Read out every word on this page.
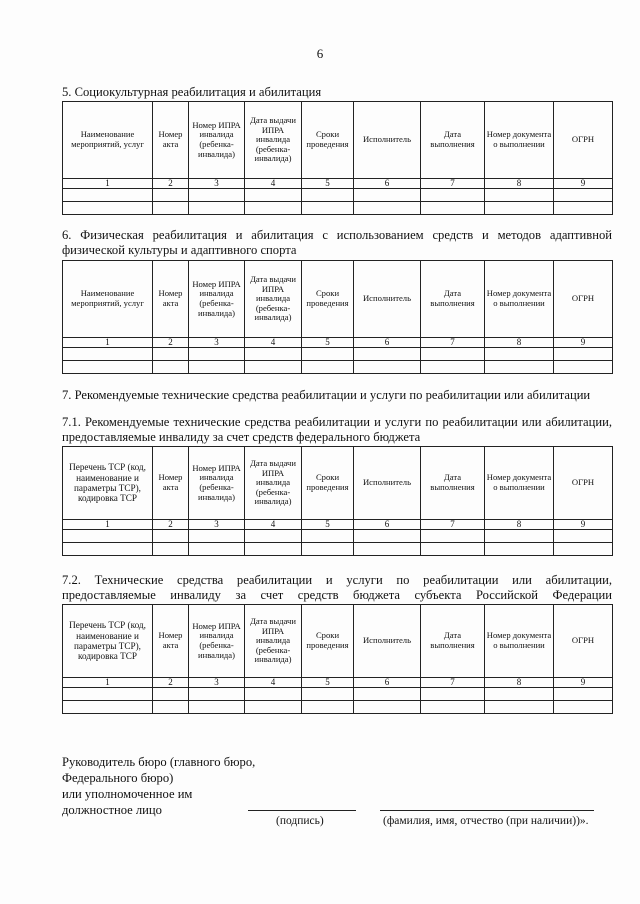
6
5. Социокультурная реабилитация и абилитация
Наименование мероприятий, услуг	Номер акта	Номер ИПРА инвалида (ребенка-инвалида)	Дата выдачи ИПРА инвалида (ребенка-инвалида)	Сроки проведения	Исполнитель	Дата выполнения	Номер документа о выполнении	ОГРН
1	2	3	4	5	6	7	8	9

6. Физическая реабилитация и абилитация с использованием средств и методов адаптивной физической культуры и адаптивного спорта
Наименование мероприятий, услуг	Номер акта	Номер ИПРА инвалида (ребенка-инвалида)	Дата выдачи ИПРА инвалида (ребенка-инвалида)	Сроки проведения	Исполнитель	Дата выполнения	Номер документа о выполнении	ОГРН
1	2	3	4	5	6	7	8	9

7. Рекомендуемые технические средства реабилитации и услуги по реабилитации или абилитации
7.1. Рекомендуемые технические средства реабилитации и услуги по реабилитации или абилитации, предоставляемые инвалиду за счет средств федерального бюджета
Перечень ТСР (код, наименование и параметры ТСР), кодировка ТСР	Номер акта	Номер ИПРА инвалида (ребенка-инвалида)	Дата выдачи ИПРА инвалида (ребенка-инвалида)	Сроки проведения	Исполнитель	Дата выполнения	Номер документа о выполнении	ОГРН
1	2	3	4	5	6	7	8	9

7.2. Технические средства реабилитации и услуги по реабилитации или абилитации, предоставляемые инвалиду за счет средств бюджета субъекта Российской Федерации
Перечень ТСР (код, наименование и параметры ТСР), кодировка ТСР	Номер акта	Номер ИПРА инвалида (ребенка-инвалида)	Дата выдачи ИПРА инвалида (ребенка-инвалида)	Сроки проведения	Исполнитель	Дата выполнения	Номер документа о выполнении	ОГРН
1	2	3	4	5	6	7	8	9

Руководитель бюро (главного бюро,
Федерального бюро)
или уполномоченное им
должностное лицо
(подпись)	(фамилия, имя, отчество (при наличии))».
